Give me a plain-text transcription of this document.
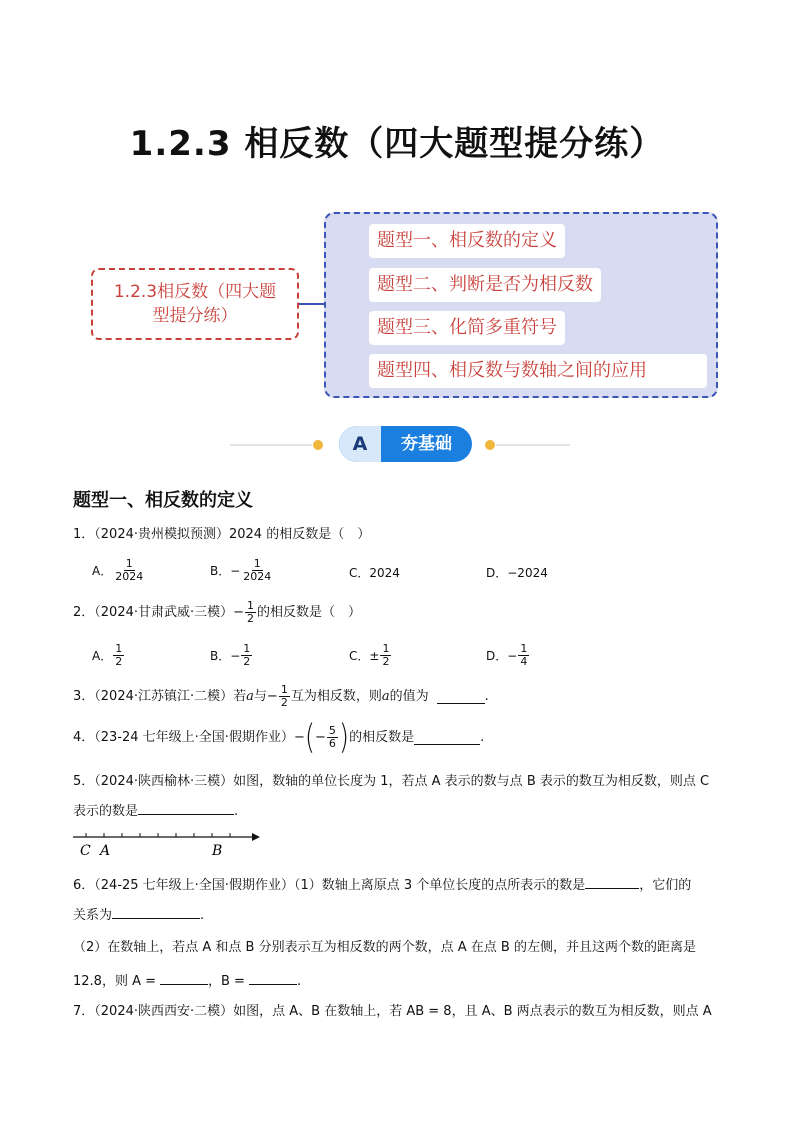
1.2.3 相反数（四大题型提分练）
1.2.3相反数（四大题型提分练）
题型一、相反数的定义
题型二、判断是否为相反数
题型三、化简多重符号
题型四、相反数与数轴之间的应用
A	夯基础
题型一、相反数的定义
1．（2024·贵州模拟预测）2024 的相反数是（　）
A． $\frac{1}{2024}$	B． − $\frac{1}{2024}$	C． 2024	D． −2024
2．（2024·甘肃武威·三模） − $\frac{1}{2}$ 的相反数是（　）
A． $\frac{1}{2}$	B． − $\frac{1}{2}$	C． ± $\frac{1}{2}$	D． − $\frac{1}{4}$
3．（2024·江苏镇江·二模）若 a 与 − $\frac{1}{2}$ 互为相反数，则 a 的值为	.
4．（23-24 七年级上·全国·假期作业） − ( − $\frac{5}{6}$ ) 的相反数是	.
5．（2024·陕西榆林·三模）如图，数轴的单位长度为 1，若点 A 表示的数与点 B 表示的数互为相反数，则点 C
表示的数是	.
C A	B
6．（24-25 七年级上·全国·假期作业）（1）数轴上离原点 3 个单位长度的点所表示的数是	，它们的
关系为	.
（2）在数轴上，若点 A 和点 B 分别表示互为相反数的两个数，点 A 在点 B 的左侧，并且这两个数的距离是
12.8，则 A =	，B =	.
7．（2024·陕西西安·二模）如图，点 A、B 在数轴上，若 AB = 8，且 A、B 两点表示的数互为相反数，则点 A
